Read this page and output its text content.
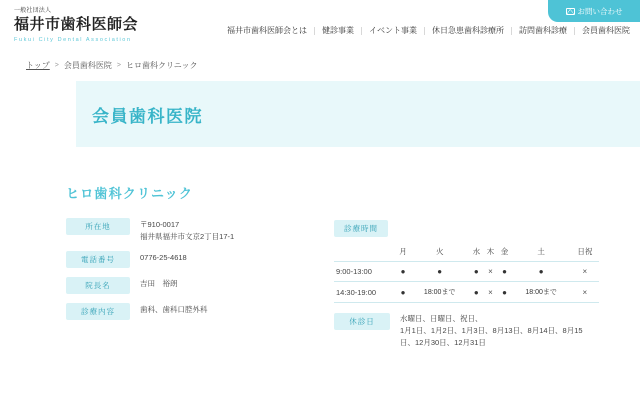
一般社団法人
福井市歯科医師会
Fukui City Dental Association
お問い合わせ
福井市歯科医師会とは	健診事業	イベント事業	休日急患歯科診療所	訪問歯科診療	会員歯科医院
トップ > 会員歯科医院 > ヒロ歯科クリニック
会員歯科医院
ヒロ歯科クリニック
所在地	〒910-0017
福井県福井市文京2丁目17-1
電話番号	0776-25-4618
院長名	吉田　裕朗
診療内容	歯科、歯科口腔外科
診療時間
	月	火	水	木	金	土	日祝
9:00-13:00	●	●	●	×	●	●	×
14:30-19:00	●	18:00まで	●	×	●	18:00まで	×
休診日	水曜日、日曜日、祝日、
1月1日、1月2日、1月3日、8月13日、8月14日、8月15
日、12月30日、12月31日
